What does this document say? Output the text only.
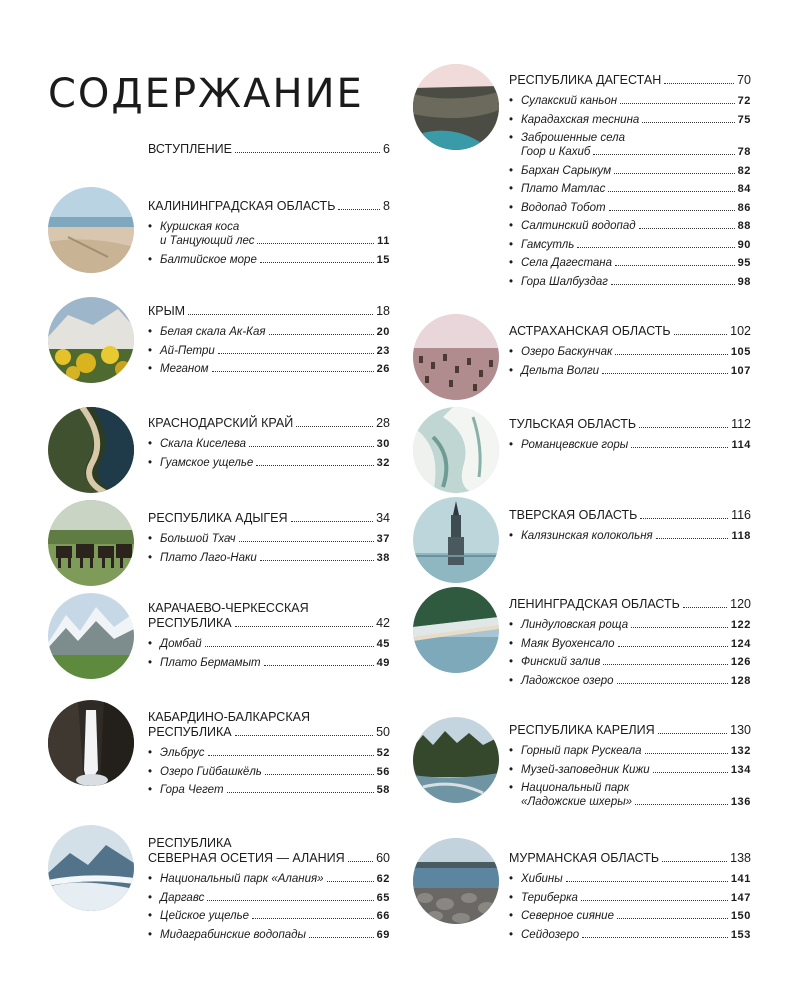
СОДЕРЖАНИЕ
ВСТУПЛЕНИЕ	6
КАЛИНИНГРАДСКАЯ ОБЛАСТЬ	8
• Куршская коса
и Танцующий лес	11
• Балтийское море	15
КРЫМ	18
• Белая скала Ак-Кая	20
• Ай-Петри	23
• Меганом	26
КРАСНОДАРСКИЙ КРАЙ	28
• Скала Киселева	30
• Гуамское ущелье	32
РЕСПУБЛИКА АДЫГЕЯ	34
• Большой Тхач	37
• Плато Лаго-Наки	38
КАРАЧАЕВО-ЧЕРКЕССКАЯ
РЕСПУБЛИКА	42
• Домбай	45
• Плато Бермамыт	49
КАБАРДИНО-БАЛКАРСКАЯ
РЕСПУБЛИКА	50
• Эльбрус	52
• Озеро Гийбашкёль	56
• Гора Чегет	58
РЕСПУБЛИКА
СЕВЕРНАЯ ОСЕТИЯ — АЛАНИЯ	60
• Национальный парк «Алания»	62
• Даргавс	65
• Цейское ущелье	66
• Мидаграбинские водопады	69
РЕСПУБЛИКА ДАГЕСТАН	70
• Сулакский каньон	72
• Карадахская теснина	75
• Заброшенные села
Гоор и Кахиб	78
• Бархан Сарыкум	82
• Плато Матлас	84
• Водопад Тобот	86
• Салтинский водопад	88
• Гамсутль	90
• Села Дагестана	95
• Гора Шалбуздаг	98
АСТРАХАНСКАЯ ОБЛАСТЬ	102
• Озеро Баскунчак	105
• Дельта Волги	107
ТУЛЬСКАЯ ОБЛАСТЬ	112
• Романцевские горы	114
ТВЕРСКАЯ ОБЛАСТЬ	116
• Калязинская колокольня	118
ЛЕНИНГРАДСКАЯ ОБЛАСТЬ	120
• Линдуловская роща	122
• Маяк Вуохенсало	124
• Финский залив	126
• Ладожское озеро	128
РЕСПУБЛИКА КАРЕЛИЯ	130
• Горный парк Рускеала	132
• Музей-заповедник Кижи	134
• Национальный парк
«Ладожские шхеры»	136
МУРМАНСКАЯ ОБЛАСТЬ	138
• Хибины	141
• Териберка	147
• Северное сияние	150
• Сейдозеро	153
